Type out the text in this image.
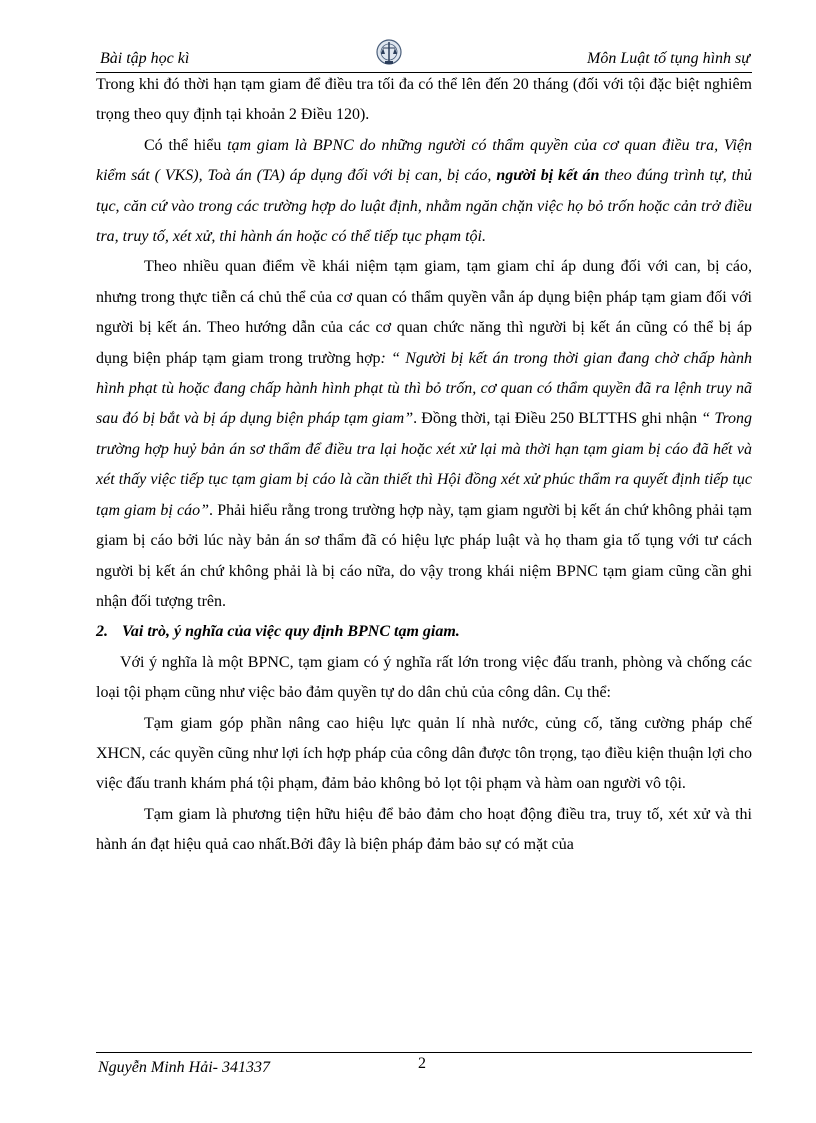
Bài tập học kì	Môn Luật tố tụng hình sự

Trong khi đó thời hạn tạm giam để điều tra tối đa có thể lên đến 20 tháng (đối với tội đặc biệt nghiêm trọng theo quy định tại khoản 2 Điều 120).

Có thể hiểu tạm giam là BPNC do những người có thẩm quyền của cơ quan điều tra, Viện kiểm sát ( VKS), Toà án (TA) áp dụng đối với bị can, bị cáo, người bị kết án theo đúng trình tự, thủ tục, căn cứ vào trong các trường hợp do luật định, nhằm ngăn chặn việc họ bỏ trốn hoặc cản trở điều tra, truy tố, xét xử, thi hành án hoặc có thể tiếp tục phạm tội.

Theo nhiều quan điểm về khái niệm tạm giam, tạm giam chỉ áp dung đối với can, bị cáo, nhưng trong thực tiễn cá chủ thể của cơ quan có thẩm quyền vẫn áp dụng biện pháp tạm giam đối với người bị kết án. Theo hướng dẫn của các cơ quan chức năng thì người bị kết án cũng có thể bị áp dụng biện pháp tạm giam trong trường hợp: “ Người bị kết án trong thời gian đang chờ chấp hành hình phạt tù hoặc đang chấp hành hình phạt tù thì bỏ trốn, cơ quan có thẩm quyền đã ra lệnh truy nã sau đó bị bắt và bị áp dụng biện pháp tạm giam”. Đồng thời, tại Điều 250 BLTTHS ghi nhận “ Trong trường hợp huỷ bản án sơ thẩm để điều tra lại hoặc xét xử lại mà thời hạn tạm giam bị cáo đã hết và xét thấy việc tiếp tục tạm giam bị cáo là cần thiết thì Hội đồng xét xử phúc thẩm ra quyết định tiếp tục tạm giam bị cáo”. Phải hiểu rằng trong trường hợp này, tạm giam người bị kết án chứ không phải tạm giam bị cáo bởi lúc này bản án sơ thẩm đã có hiệu lực pháp luật và họ tham gia tố tụng với tư cách người bị kết án chứ không phải là bị cáo nữa, do vậy trong khái niệm BPNC tạm giam cũng cần ghi nhận đối tượng trên.

2. Vai trò, ý nghĩa của việc quy định BPNC tạm giam.

Với ý nghĩa là một BPNC, tạm giam có ý nghĩa rất lớn trong việc đấu tranh, phòng và chống các loại tội phạm cũng như việc bảo đảm quyền tự do dân chủ của công dân. Cụ thể:

Tạm giam góp phần nâng cao hiệu lực quản lí nhà nước, củng cố, tăng cường pháp chế XHCN, các quyền cũng như lợi ích hợp pháp của công dân được tôn trọng, tạo điều kiện thuận lợi cho việc đấu tranh khám phá tội phạm, đảm bảo không bỏ lọt tội phạm và hàm oan người vô tội.

Tạm giam là phương tiện hữu hiệu để bảo đảm cho hoạt động điều tra, truy tố, xét xử và thi hành án đạt hiệu quả cao nhất.Bởi đây là biện pháp đảm bảo sự có mặt của

Nguyễn Minh Hải- 341337	2
